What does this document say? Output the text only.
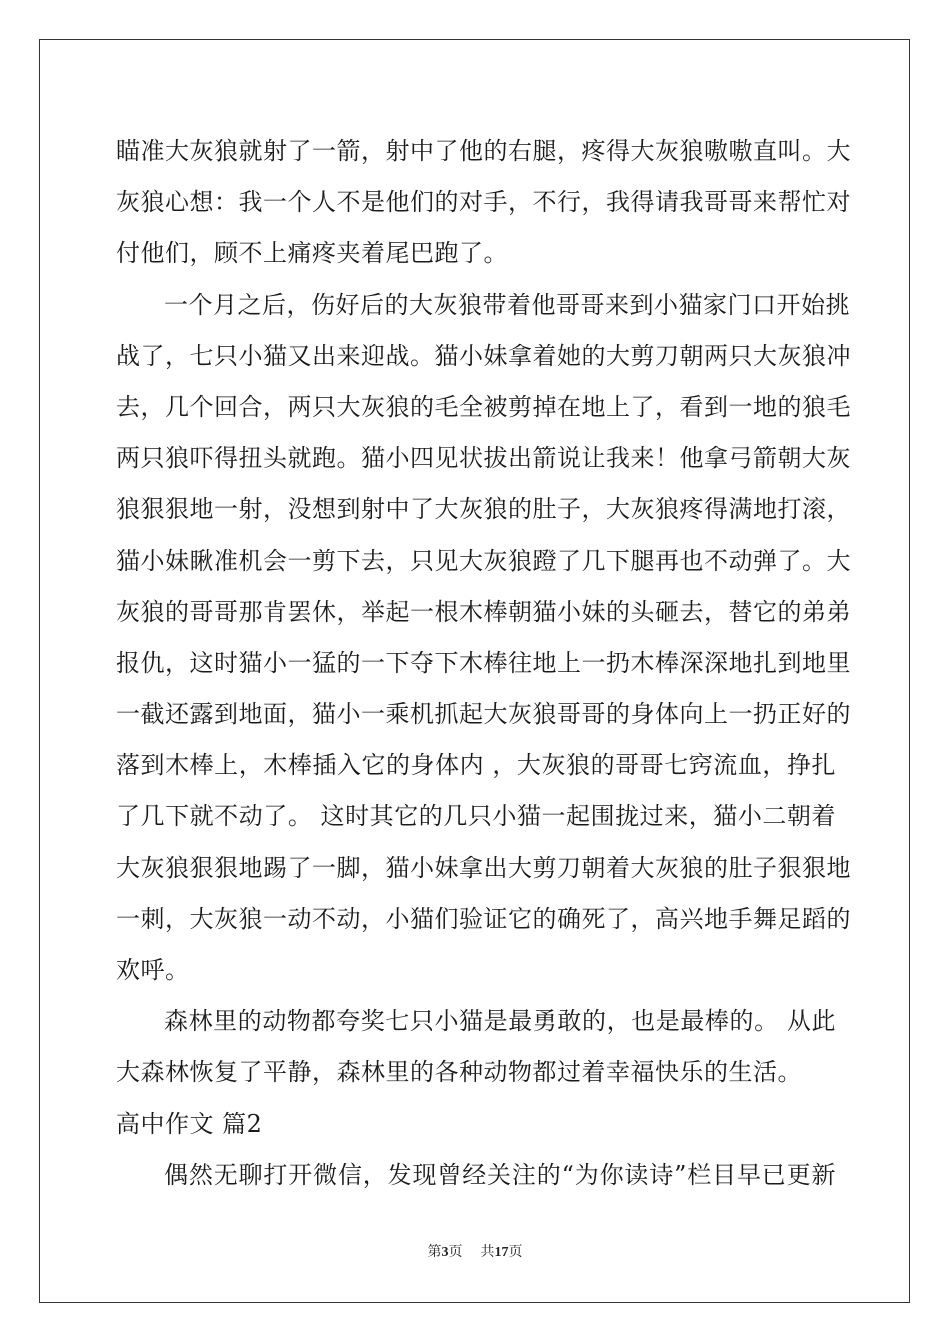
瞄准大灰狼就射了一箭，射中了他的右腿，疼得大灰狼嗷嗷直叫。大
灰狼心想：我一个人不是他们的对手，不行，我得请我哥哥来帮忙对
付他们，顾不上痛疼夹着尾巴跑了。
一个月之后，伤好后的大灰狼带着他哥哥来到小猫家门口开始挑
战了，七只小猫又出来迎战。猫小妹拿着她的大剪刀朝两只大灰狼冲
去，几个回合，两只大灰狼的毛全被剪掉在地上了，看到一地的狼毛
两只狼吓得扭头就跑。猫小四见状拔出箭说让我来！他拿弓箭朝大灰
狼狠狠地一射，没想到射中了大灰狼的肚子，大灰狼疼得满地打滚，
猫小妹瞅准机会一剪下去，只见大灰狼蹬了几下腿再也不动弹了。大
灰狼的哥哥那肯罢休，举起一根木棒朝猫小妹的头砸去，替它的弟弟
报仇，这时猫小一猛的一下夺下木棒往地上一扔木棒深深地扎到地里
一截还露到地面，猫小一乘机抓起大灰狼哥哥的身体向上一扔正好的
落到木棒上，木棒插入它的身体内 ，大灰狼的哥哥七窍流血，挣扎
了几下就不动了。 这时其它的几只小猫一起围拢过来，猫小二朝着
大灰狼狠狠地踢了一脚，猫小妹拿出大剪刀朝着大灰狼的肚子狠狠地
一刺，大灰狼一动不动，小猫们验证它的确死了，高兴地手舞足蹈的
欢呼。
森林里的动物都夸奖七只小猫是最勇敢的，也是最棒的。 从此
大森林恢复了平静，森林里的各种动物都过着幸福快乐的生活。
高中作文 篇2
偶然无聊打开微信，发现曾经关注的“为你读诗”栏目早已更新
第3页 共17页
